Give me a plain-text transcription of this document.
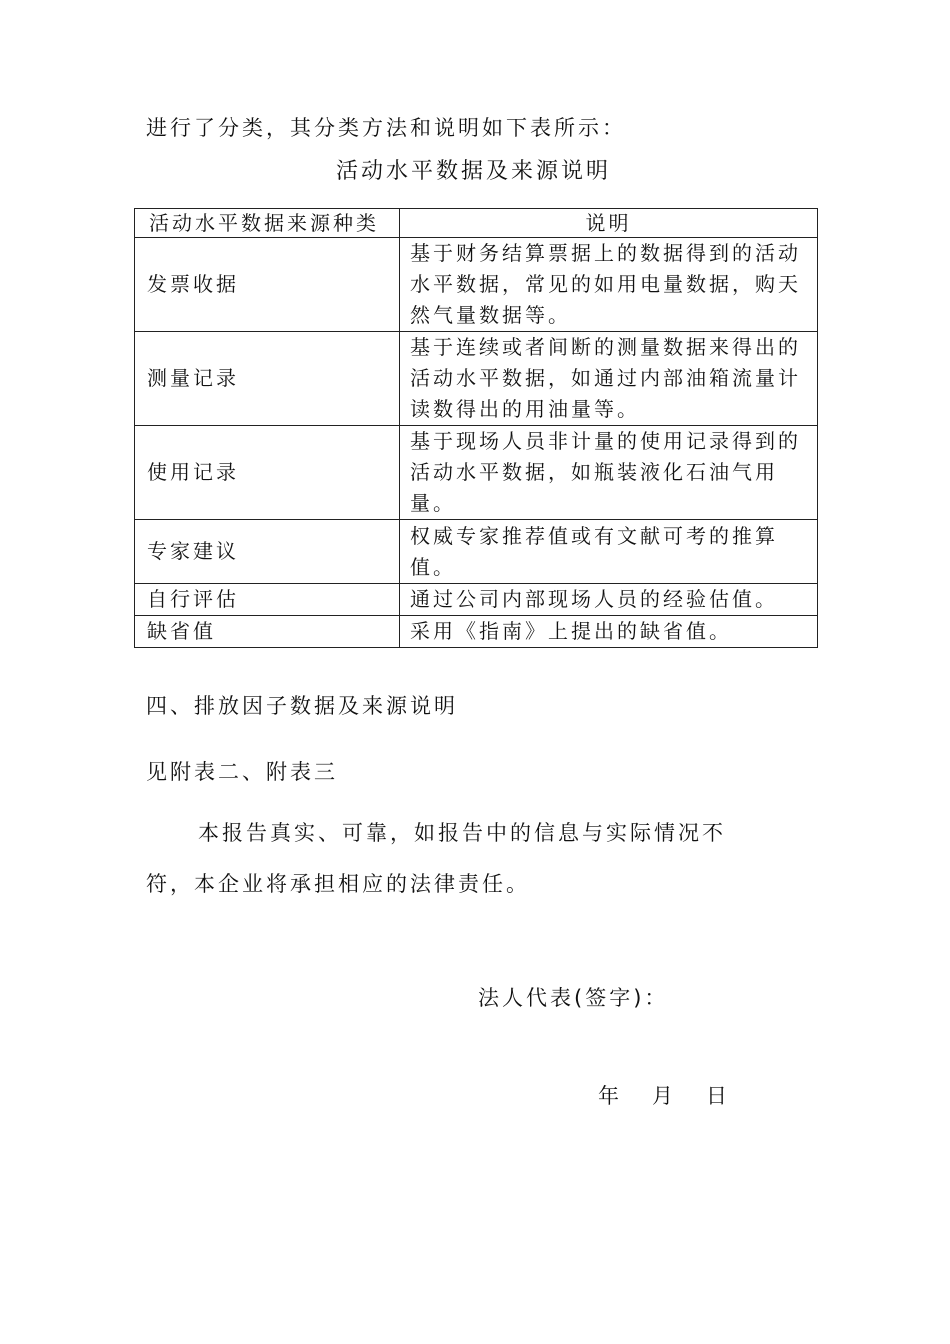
进行了分类，其分类方法和说明如下表所示：
活动水平数据及来源说明
活动水平数据来源种类	说明
发票收据	基于财务结算票据上的数据得到的活动水平数据，常见的如用电量数据，购天然气量数据等。
测量记录	基于连续或者间断的测量数据来得出的活动水平数据，如通过内部油箱流量计读数得出的用油量等。
使用记录	基于现场人员非计量的使用记录得到的活动水平数据，如瓶装液化石油气用量。
专家建议	权威专家推荐值或有文献可考的推算值。
自行评估	通过公司内部现场人员的经验估值。
缺省值	采用《指南》上提出的缺省值。
四、排放因子数据及来源说明
见附表二、附表三
本报告真实、可靠，如报告中的信息与实际情况不
符，本企业将承担相应的法律责任。
法人代表(签字)：
年 月 日
